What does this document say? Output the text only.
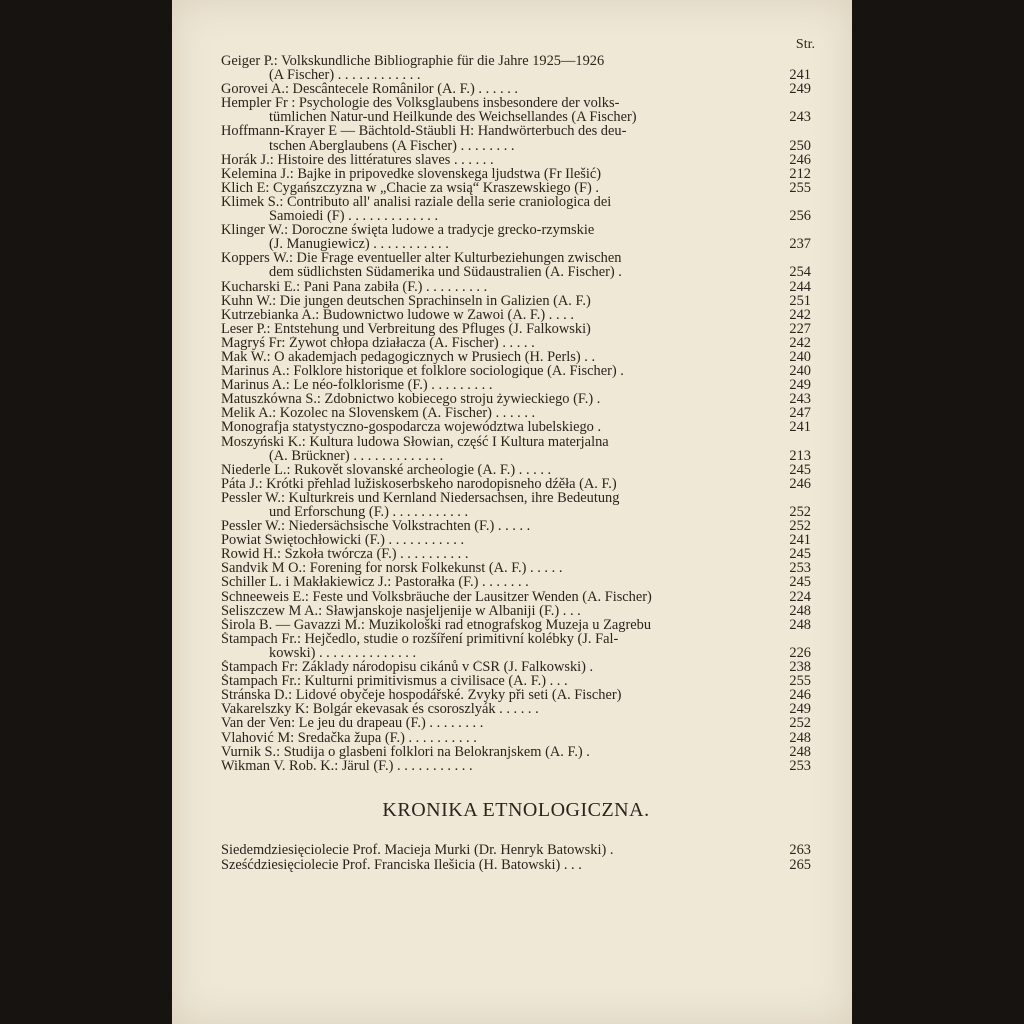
Str.
Geiger P.: Volkskundliche Bibliographie für die Jahre 1925—1926
(A Fischer) . . . . . . . . . . . .	241
Gorovei A.: Descântecele Românilor (A. F.) . . . . . .	249
Hempler Fr : Psychologie des Volksglaubens insbesondere der volks-
tümlichen Natur-und Heilkunde des Weichsellandes (A Fischer)	243
Hoffmann-Krayer E — Bächtold-Stäubli H: Handwörterbuch des deu-
tschen Aberglaubens (A Fischer) . . . . . . . .	250
Horák J.: Histoire des littératures slaves . . . . . .	246
Kelemina J.: Bajke in pripovedke slovenskega ljudstwa (Fr Ilešić)	212
Klich E: Cygańszczyzna w „Chacie za wsią“ Kraszewskiego (F) .	255
Klimek S.: Contributo all' analisi raziale della serie craniologica dei
Samoiedi (F) . . . . . . . . . . . . .	256
Klinger W.: Doroczne święta ludowe a tradycje grecko-rzymskie
(J. Manugiewicz) . . . . . . . . . . .	237
Koppers W.: Die Frage eventueller alter Kulturbeziehungen zwischen
dem südlichsten Südamerika und Südaustralien (A. Fischer) .	254
Kucharski E.: Pani Pana zabiła (F.) . . . . . . . . .	244
Kuhn W.: Die jungen deutschen Sprachinseln in Galizien (A. F.)	251
Kutrzebianka A.: Budownictwo ludowe w Zawoi (A. F.) . . . .	242
Leser P.: Entstehung und Verbreitung des Pfluges (J. Falkowski)	227
Magryś Fr: Żywot chłopa działacza (A. Fischer) . . . . .	242
Mak W.: O akademjach pedagogicznych w Prusiech (H. Perls) . .	240
Marinus A.: Folklore historique et folklore sociologique (A. Fischer) .	240
Marinus A.: Le néo-folklorisme (F.) . . . . . . . . .	249
Matuszkówna S.: Zdobnictwo kobiecego stroju żywieckiego (F.) .	243
Melik A.: Kozolec na Slovenskem (A. Fischer) . . . . . .	247
Monografja statystyczno-gospodarcza województwa lubelskiego .	241
Moszyński K.: Kultura ludowa Słowian, część I Kultura materjalna
(A. Brückner) . . . . . . . . . . . . .	213
Niederle L.: Rukovět slovanské archeologie (A. F.) . . . . .	245
Páta J.: Krótki přehlad lužiskoserbskeho narodopisneho dźěła (A. F.)	246
Pessler W.: Kulturkreis und Kernland Niedersachsen, ihre Bedeutung
und Erforschung (F.) . . . . . . . . . . .	252
Pessler W.: Niedersächsische Volkstrachten (F.) . . . . .	252
Powiat Świętochłowicki (F.) . . . . . . . . . . .	241
Rowid H.: Szkoła twórcza (F.) . . . . . . . . . .	245
Sandvik M O.: Forening for norsk Folkekunst (A. F.) . . . . .	253
Schiller L. i Makłakiewicz J.: Pastorałka (F.) . . . . . . .	245
Schneeweis E.: Feste und Volksbräuche der Lausitzer Wenden (A. Fischer)	224
Seliszczew M A.: Sławjanskoje nasjeljenije w Albaniji (F.) . . .	248
Širola B. — Gavazzi M.: Muzikološki rad etnografskog Muzeja u Zagrebu	248
Štampach Fr.: Hejčedlo, studie o rozšíření primitivní kolébky (J. Fal-
kowski) . . . . . . . . . . . . . .	226
Štampach Fr: Základy národopisu cikánů v ČSR (J. Falkowski) .	238
Štampach Fr.: Kulturni primitivismus a civilisace (A. F.) . . .	255
Stránska D.: Lidové obyčeje hospodářské. Zvyky při seti (A. Fischer)	246
Vakarelszky K: Bolgár ekevasak és csoroszlyák . . . . . .	249
Van der Ven: Le jeu du drapeau (F.) . . . . . . . .	252
Vlahović M: Sredačka župa (F.) . . . . . . . . . .	248
Vurnik S.: Studija o glasbeni folklori na Belokranjskem (A. F.) .	248
Wikman V. Rob. K.: Järul (F.) . . . . . . . . . . .	253
KRONIKA ETNOLOGICZNA.
Siedemdziesięciolecie Prof. Macieja Murki (Dr. Henryk Batowski) .	263
Sześćdziesięciolecie Prof. Franciska Ilešicia (H. Batowski) . . .	265
